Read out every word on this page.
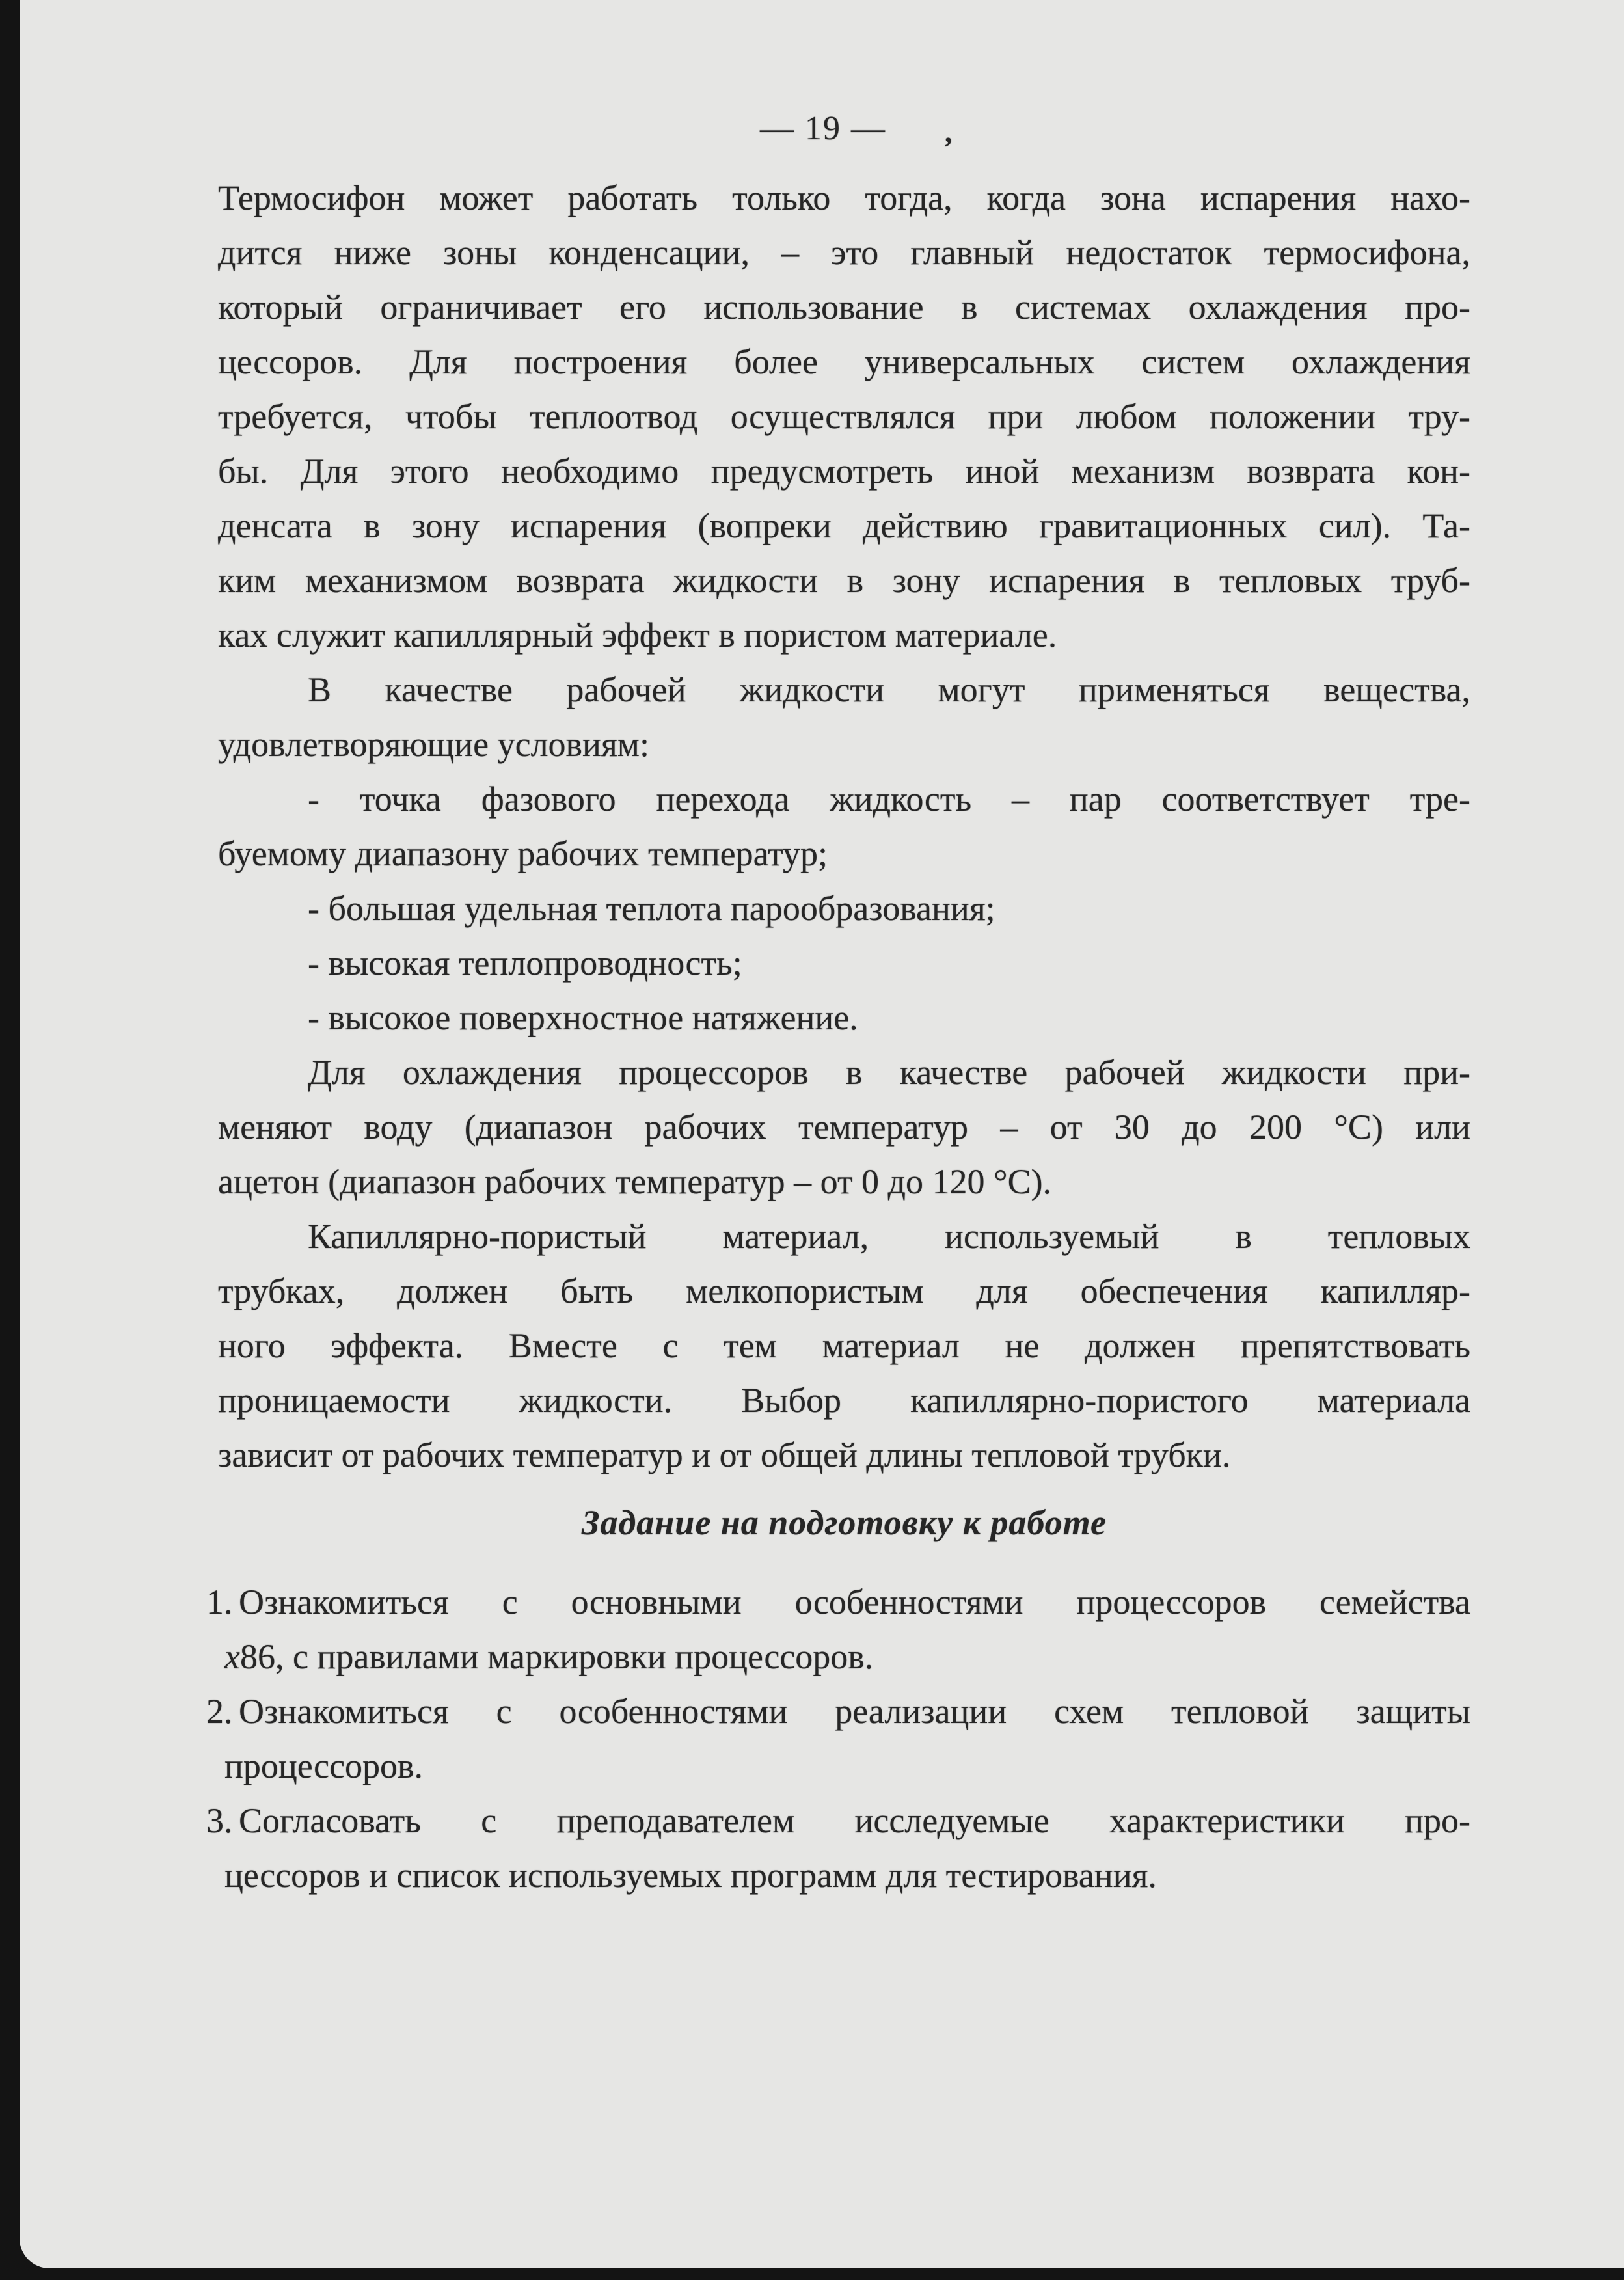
— 19 —	,
Термосифон может работать только тогда, когда зона испарения нахо-
дится ниже зоны конденсации, – это главный недостаток термосифона,
который ограничивает его использование в системах охлаждения про-
цессоров. Для построения более универсальных систем охлаждения
требуется, чтобы теплоотвод осуществлялся при любом положении тру-
бы. Для этого необходимо предусмотреть иной механизм возврата кон-
денсата в зону испарения (вопреки действию гравитационных сил). Та-
ким механизмом возврата жидкости в зону испарения в тепловых труб-
ках служит капиллярный эффект в пористом материале.
В качестве рабочей жидкости могут применяться вещества,
удовлетворяющие условиям:
- точка фазового перехода жидкость – пар соответствует тре-
буемому диапазону рабочих температур;
- большая удельная теплота парообразования;
- высокая теплопроводность;
- высокое поверхностное натяжение.
Для охлаждения процессоров в качестве рабочей жидкости при-
меняют воду (диапазон рабочих температур – от 30 до 200 °С) или
ацетон (диапазон рабочих температур – от 0 до 120 °С).
Капиллярно-пористый материал, используемый в тепловых
трубках, должен быть мелкопористым для обеспечения капилляр-
ного эффекта. Вместе с тем материал не должен препятствовать
проницаемости жидкости. Выбор капиллярно-пористого материала
зависит от рабочих температур и от общей длины тепловой трубки.
Задание на подготовку к работе
1. Ознакомиться с основными особенностями процессоров семейства
х86, с правилами маркировки процессоров.
2. Ознакомиться с особенностями реализации схем тепловой защиты
процессоров.
3. Согласовать с преподавателем исследуемые характеристики про-
цессоров и список используемых программ для тестирования.
